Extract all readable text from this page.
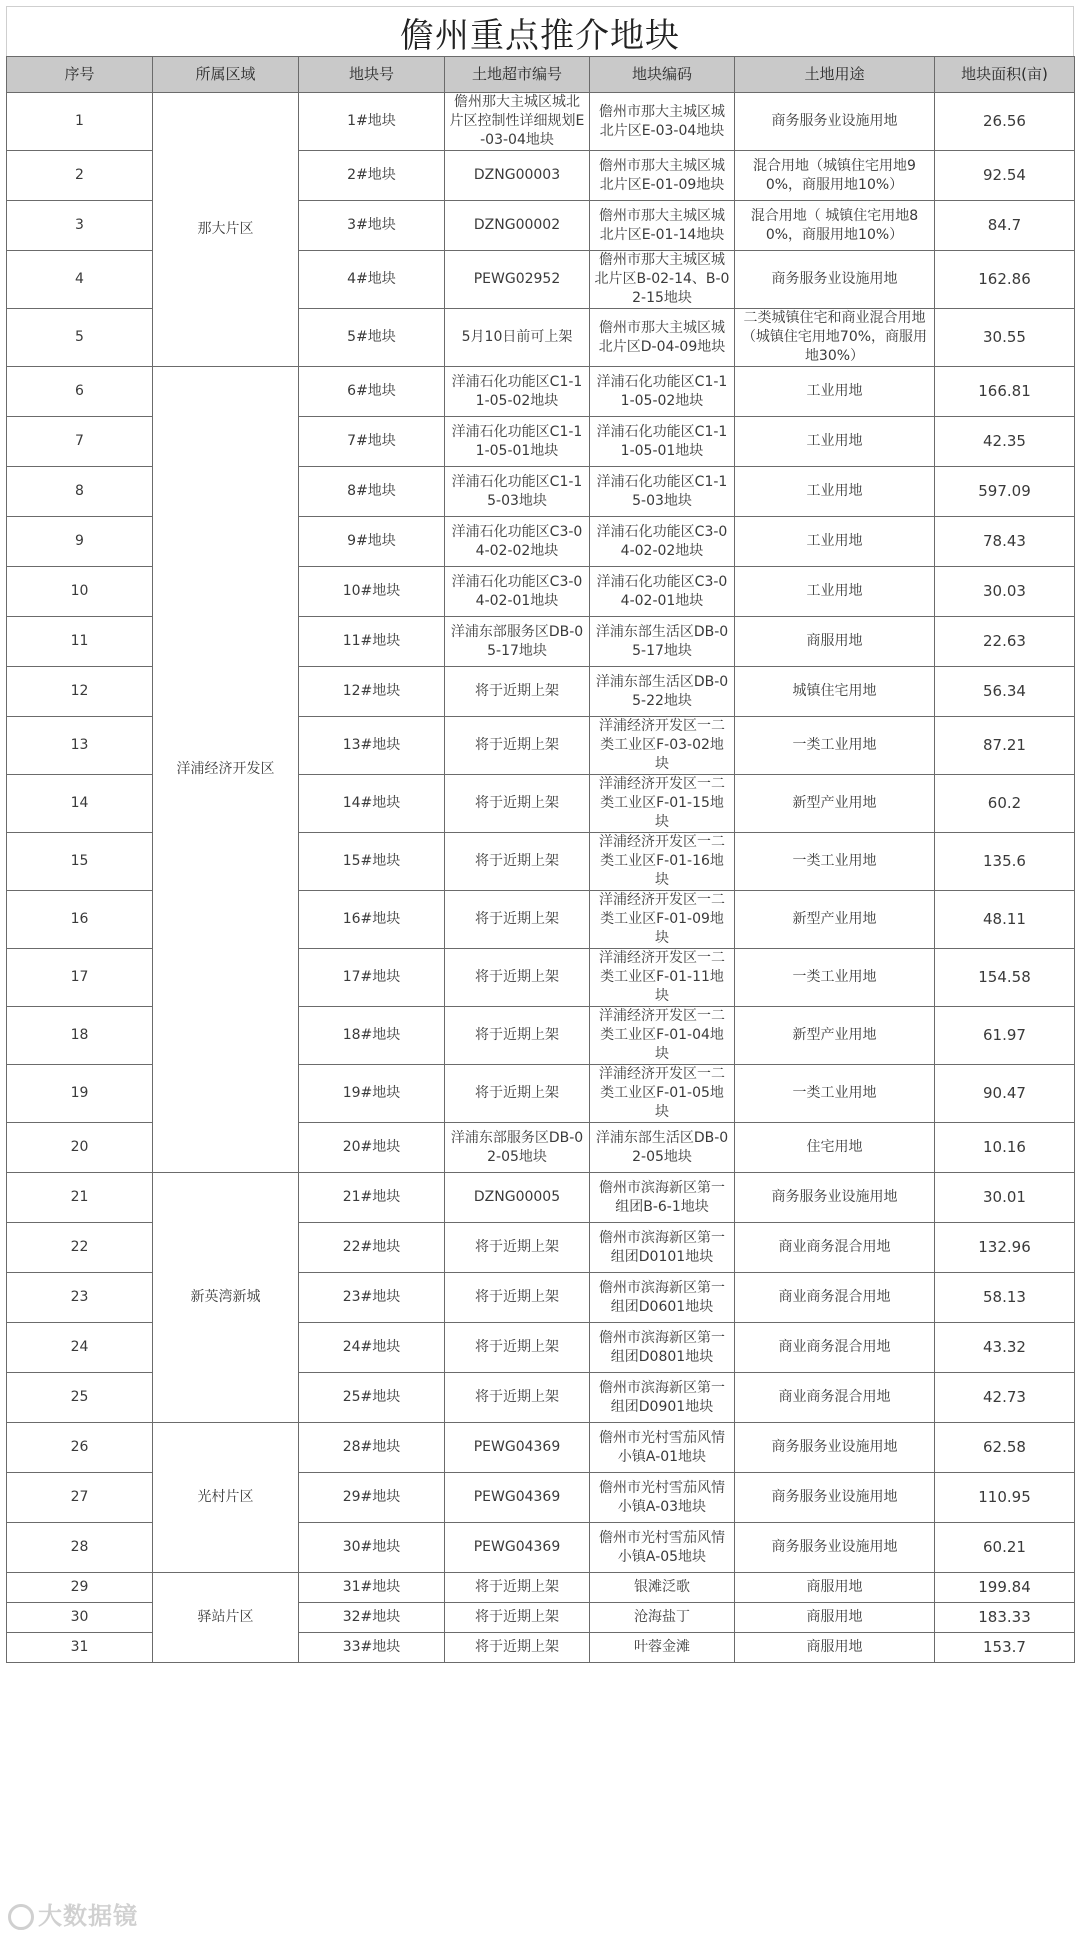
儋州重点推介地块
序号	所属区域	地块号	土地超市编号	地块编码	土地用途	地块面积(亩)
1	那大片区	1#地块	儋州那大主城区城北片区控制性详细规划E-03-04地块	儋州市那大主城区城北片区E-03-04地块	商务服务业设施用地	26.56
2		2#地块	DZNG00003	儋州市那大主城区城北片区E-01-09地块	混合用地（城镇住宅用地90%，商服用地10%）	92.54
3		3#地块	DZNG00002	儋州市那大主城区城北片区E-01-14地块	混合用地（ 城镇住宅用地80%，商服用地10%）	84.7
4		4#地块	PEWG02952	儋州市那大主城区城北片区B-02-14、B-02-15地块	商务服务业设施用地	162.86
5		5#地块	5月10日前可上架	儋州市那大主城区城北片区D-04-09地块	二类城镇住宅和商业混合用地（城镇住宅用地70%，商服用地30%）	30.55
6	洋浦经济开发区	6#地块	洋浦石化功能区C1-11-05-02地块	洋浦石化功能区C1-11-05-02地块	工业用地	166.81
7		7#地块	洋浦石化功能区C1-11-05-01地块	洋浦石化功能区C1-11-05-01地块	工业用地	42.35
8		8#地块	洋浦石化功能区C1-15-03地块	洋浦石化功能区C1-15-03地块	工业用地	597.09
9		9#地块	洋浦石化功能区C3-04-02-02地块	洋浦石化功能区C3-04-02-02地块	工业用地	78.43
10		10#地块	洋浦石化功能区C3-04-02-01地块	洋浦石化功能区C3-04-02-01地块	工业用地	30.03
11		11#地块	洋浦东部服务区DB-05-17地块	洋浦东部生活区DB-05-17地块	商服用地	22.63
12		12#地块	将于近期上架	洋浦东部生活区DB-05-22地块	城镇住宅用地	56.34
13		13#地块	将于近期上架	洋浦经济开发区一二类工业区F-03-02地块	一类工业用地	87.21
14		14#地块	将于近期上架	洋浦经济开发区一二类工业区F-01-15地块	新型产业用地	60.2
15		15#地块	将于近期上架	洋浦经济开发区一二类工业区F-01-16地块	一类工业用地	135.6
16		16#地块	将于近期上架	洋浦经济开发区一二类工业区F-01-09地块	新型产业用地	48.11
17		17#地块	将于近期上架	洋浦经济开发区一二类工业区F-01-11地块	一类工业用地	154.58
18		18#地块	将于近期上架	洋浦经济开发区一二类工业区F-01-04地块	新型产业用地	61.97
19		19#地块	将于近期上架	洋浦经济开发区一二类工业区F-01-05地块	一类工业用地	90.47
20		20#地块	洋浦东部服务区DB-02-05地块	洋浦东部生活区DB-02-05地块	住宅用地	10.16
21	新英湾新城	21#地块	DZNG00005	儋州市滨海新区第一组团B-6-1地块	商务服务业设施用地	30.01
22		22#地块	将于近期上架	儋州市滨海新区第一组团D0101地块	商业商务混合用地	132.96
23		23#地块	将于近期上架	儋州市滨海新区第一组团D0601地块	商业商务混合用地	58.13
24		24#地块	将于近期上架	儋州市滨海新区第一组团D0801地块	商业商务混合用地	43.32
25		25#地块	将于近期上架	儋州市滨海新区第一组团D0901地块	商业商务混合用地	42.73
26	光村片区	28#地块	PEWG04369	儋州市光村雪茄风情小镇A-01地块	商务服务业设施用地	62.58
27		29#地块	PEWG04369	儋州市光村雪茄风情小镇A-03地块	商务服务业设施用地	110.95
28		30#地块	PEWG04369	儋州市光村雪茄风情小镇A-05地块	商务服务业设施用地	60.21
29	驿站片区	31#地块	将于近期上架	银滩泛歌	商服用地	199.84
30		32#地块	将于近期上架	沧海盐丁	商服用地	183.33
31		33#地块	将于近期上架	叶蓉金滩	商服用地	153.7
大数据镜
